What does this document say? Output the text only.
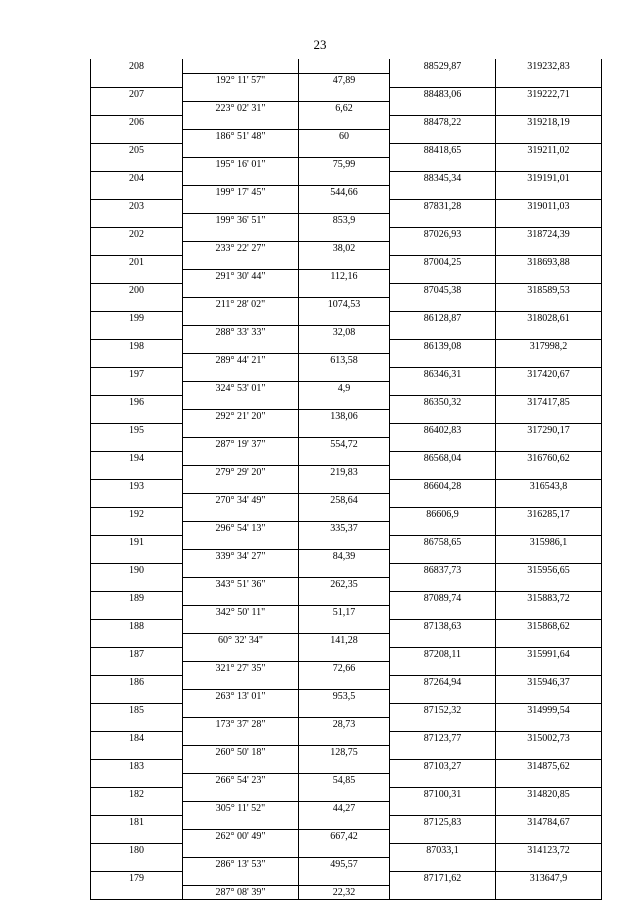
23
208			88529,87	319232,83
	192° 11' 57"	47,89		
207			88483,06	319222,71
	223° 02' 31"	6,62		
206			88478,22	319218,19
	186° 51' 48"	60		
205			88418,65	319211,02
	195° 16' 01"	75,99		
204			88345,34	319191,01
	199° 17' 45"	544,66		
203			87831,28	319011,03
	199° 36' 51"	853,9		
202			87026,93	318724,39
	233° 22' 27"	38,02		
201			87004,25	318693,88
	291° 30' 44"	112,16		
200			87045,38	318589,53
	211° 28' 02"	1074,53		
199			86128,87	318028,61
	288° 33' 33"	32,08		
198			86139,08	317998,2
	289° 44' 21"	613,58		
197			86346,31	317420,67
	324° 53' 01"	4,9		
196			86350,32	317417,85
	292° 21' 20"	138,06		
195			86402,83	317290,17
	287° 19' 37"	554,72		
194			86568,04	316760,62
	279° 29' 20"	219,83		
193			86604,28	316543,8
	270° 34' 49"	258,64		
192			86606,9	316285,17
	296° 54' 13"	335,37		
191			86758,65	315986,1
	339° 34' 27"	84,39		
190			86837,73	315956,65
	343° 51' 36"	262,35		
189			87089,74	315883,72
	342° 50' 11"	51,17		
188			87138,63	315868,62
	60° 32' 34"	141,28		
187			87208,11	315991,64
	321° 27' 35"	72,66		
186			87264,94	315946,37
	263° 13' 01"	953,5		
185			87152,32	314999,54
	173° 37' 28"	28,73		
184			87123,77	315002,73
	260° 50' 18"	128,75		
183			87103,27	314875,62
	266° 54' 23"	54,85		
182			87100,31	314820,85
	305° 11' 52"	44,27		
181			87125,83	314784,67
	262° 00' 49"	667,42		
180			87033,1	314123,72
	286° 13' 53"	495,57		
179			87171,62	313647,9
	287° 08' 39"	22,32		
